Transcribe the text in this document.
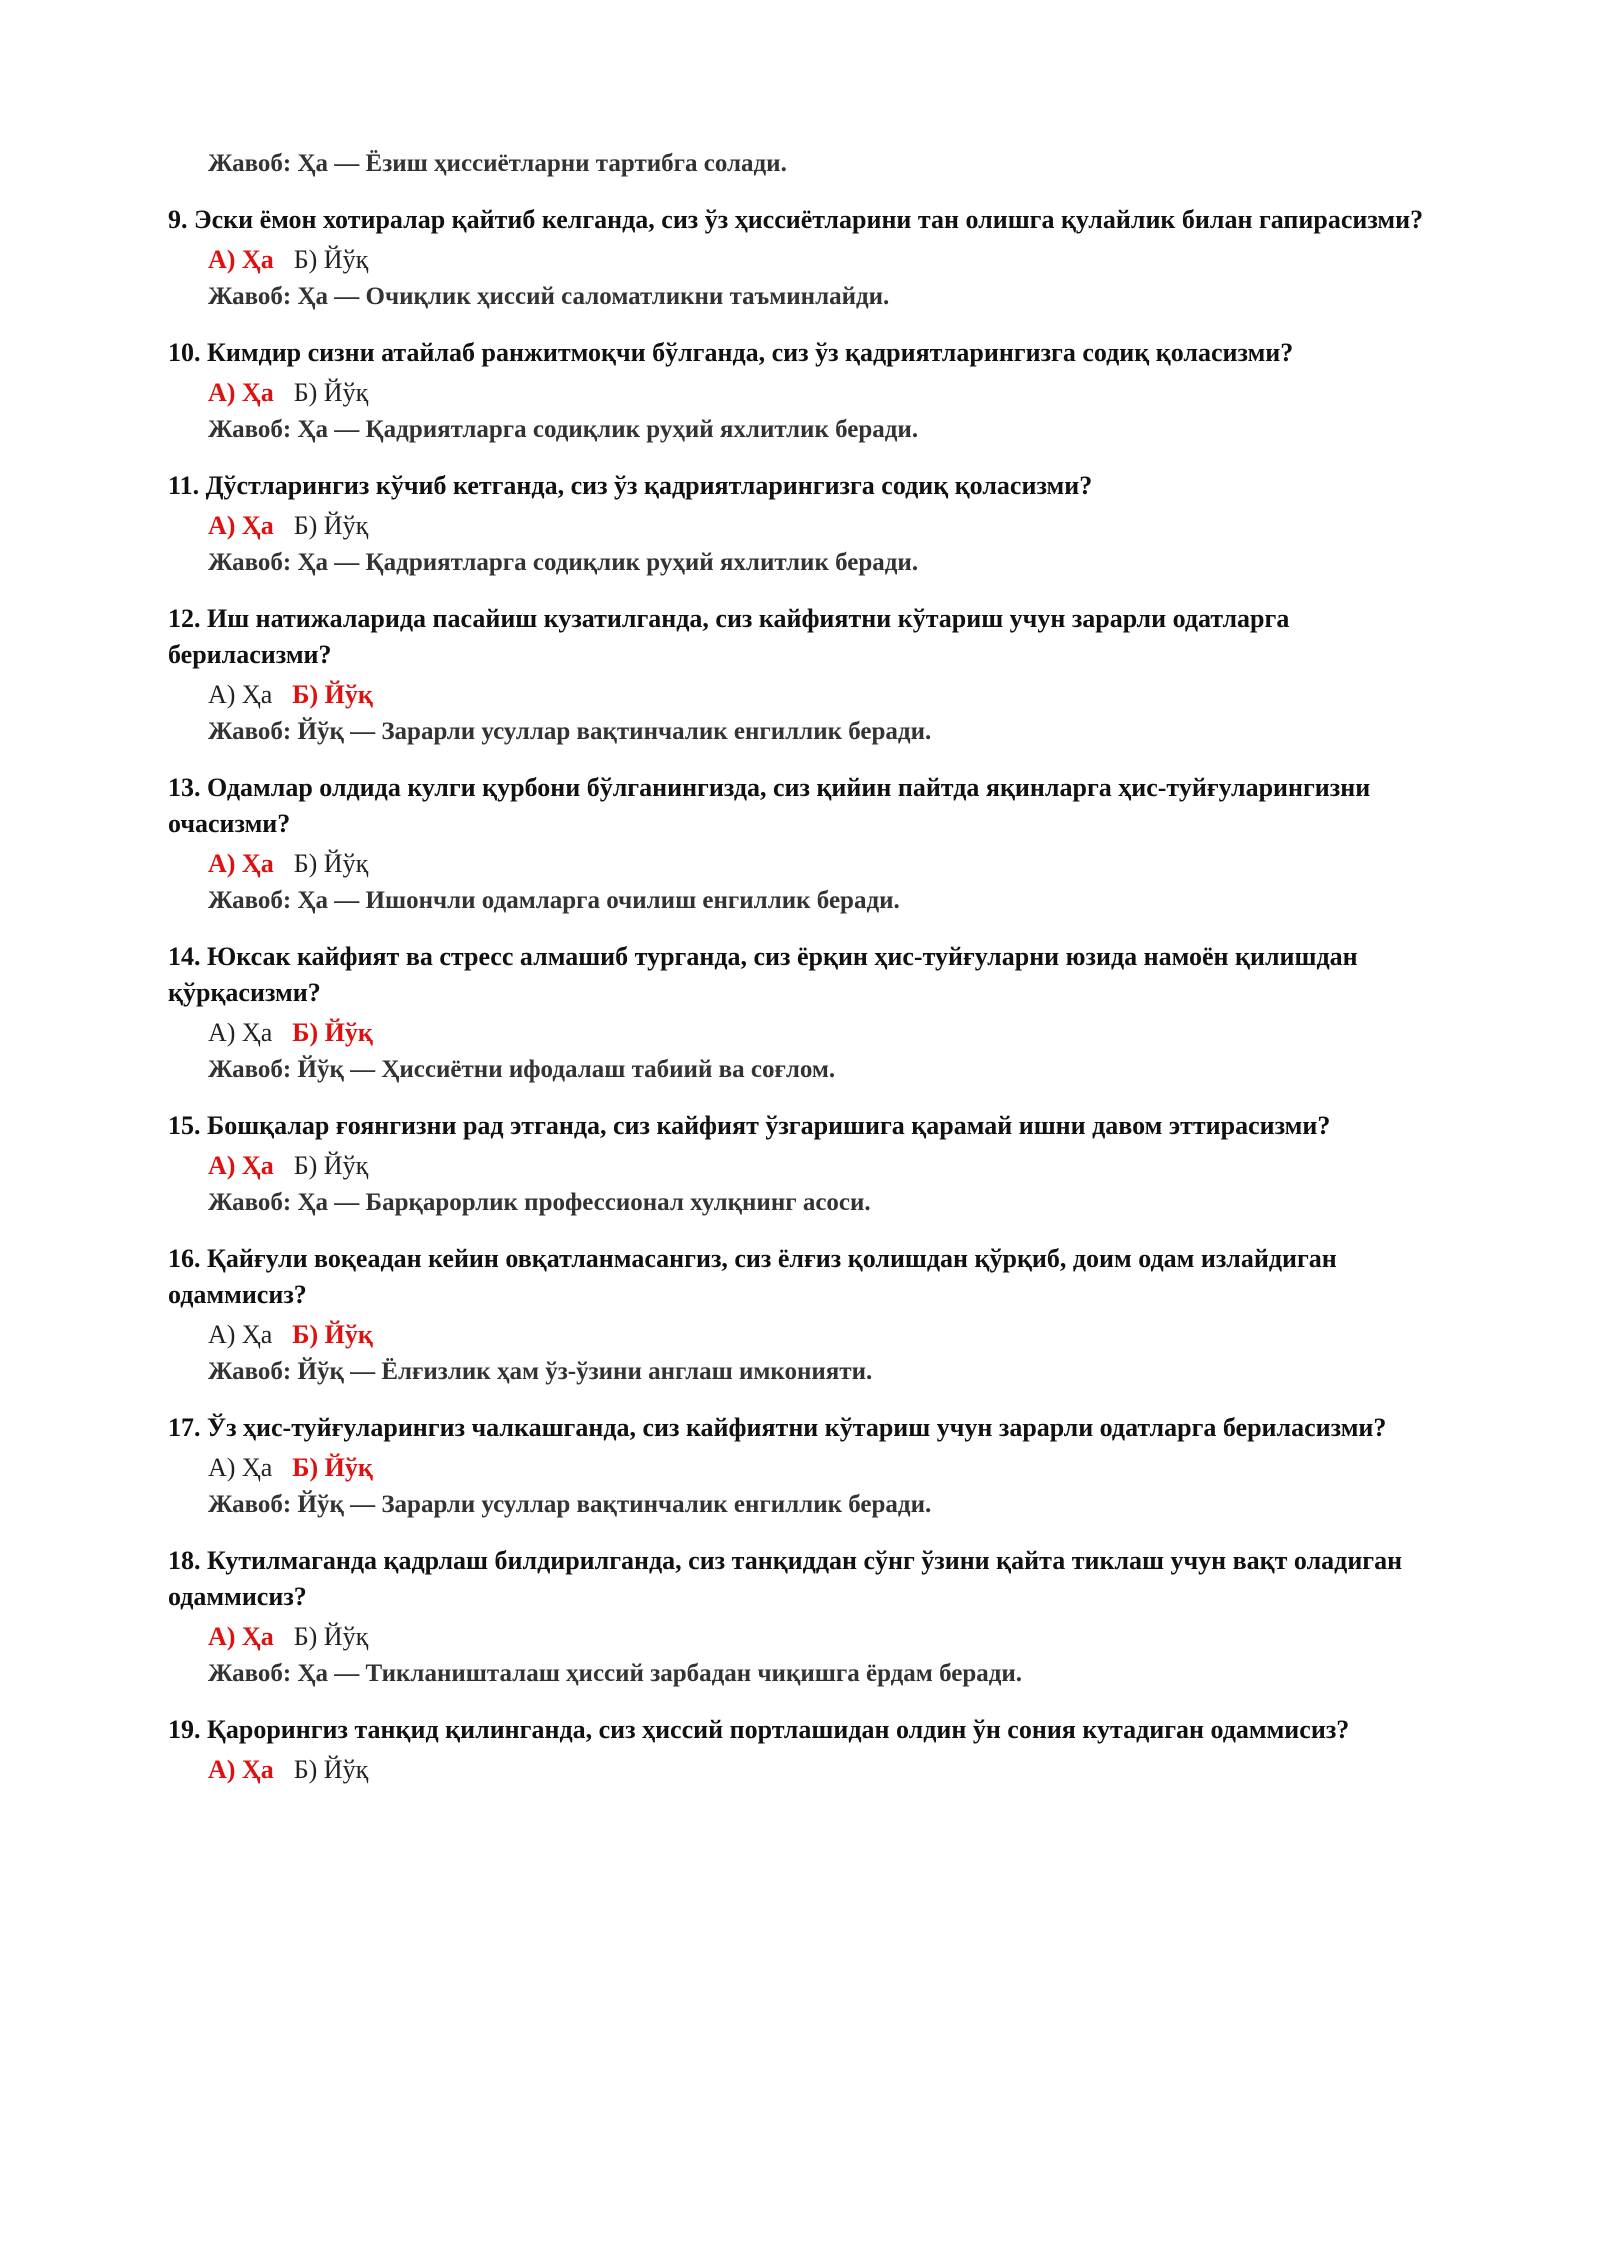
Жавоб: Ҳа — Ёзиш ҳиссиётларни тартибга солади.
9. Эски ёмон хотиралар қайтиб келганда, сиз ўз ҳиссиётларини тан олишга қулайлик билан гапирасизми?
А) Ҳа Б) Йўқ
Жавоб: Ҳа — Очиқлик ҳиссий саломатликни таъминлайди.
10. Кимдир сизни атайлаб ранжитмоқчи бўлганда, сиз ўз қадриятларингизга содиқ қоласизми?
А) Ҳа Б) Йўқ
Жавоб: Ҳа — Қадриятларга содиқлик руҳий яхлитлик беради.
11. Дўстларингиз кўчиб кетганда, сиз ўз қадриятларингизга содиқ қоласизми?
А) Ҳа Б) Йўқ
Жавоб: Ҳа — Қадриятларга содиқлик руҳий яхлитлик беради.
12. Иш натижаларида пасайиш кузатилганда, сиз кайфиятни кўтариш учун зарарли одатларга бериласизми?
А) Ҳа Б) Йўқ
Жавоб: Йўқ — Зарарли усуллар вақтинчалик енгиллик беради.
13. Одамлар олдида кулги қурбони бўлганингизда, сиз қийин пайтда яқинларга ҳис-туйғуларингизни очасизми?
А) Ҳа Б) Йўқ
Жавоб: Ҳа — Ишончли одамларга очилиш енгиллик беради.
14. Юксак кайфият ва стресс алмашиб турганда, сиз ёрқин ҳис-туйғуларни юзида намоён қилишдан қўрқасизми?
А) Ҳа Б) Йўқ
Жавоб: Йўқ — Ҳиссиётни ифодалаш табиий ва соғлом.
15. Бошқалар ғоянгизни рад этганда, сиз кайфият ўзгаришига қарамай ишни давом эттирасизми?
А) Ҳа Б) Йўқ
Жавоб: Ҳа — Барқарорлик профессионал хулқнинг асоси.
16. Қайғули воқеадан кейин овқатланмасангиз, сиз ёлғиз қолишдан қўрқиб, доим одам излайдиган одаммисиз?
А) Ҳа Б) Йўқ
Жавоб: Йўқ — Ёлғизлик ҳам ўз-ўзини англаш имконияти.
17. Ўз ҳис-туйғуларингиз чалкашганда, сиз кайфиятни кўтариш учун зарарли одатларга бериласизми?
А) Ҳа Б) Йўқ
Жавоб: Йўқ — Зарарли усуллар вақтинчалик енгиллик беради.
18. Кутилмаганда қадрлаш билдирилганда, сиз танқиддан сўнг ўзини қайта тиклаш учун вақт оладиган одаммисиз?
А) Ҳа Б) Йўқ
Жавоб: Ҳа — Тикланишталаш ҳиссий зарбадан чиқишга ёрдам беради.
19. Қарорингиз танқид қилинганда, сиз ҳиссий портлашидан олдин ўн сония кутадиган одаммисиз?
А) Ҳа Б) Йўқ
